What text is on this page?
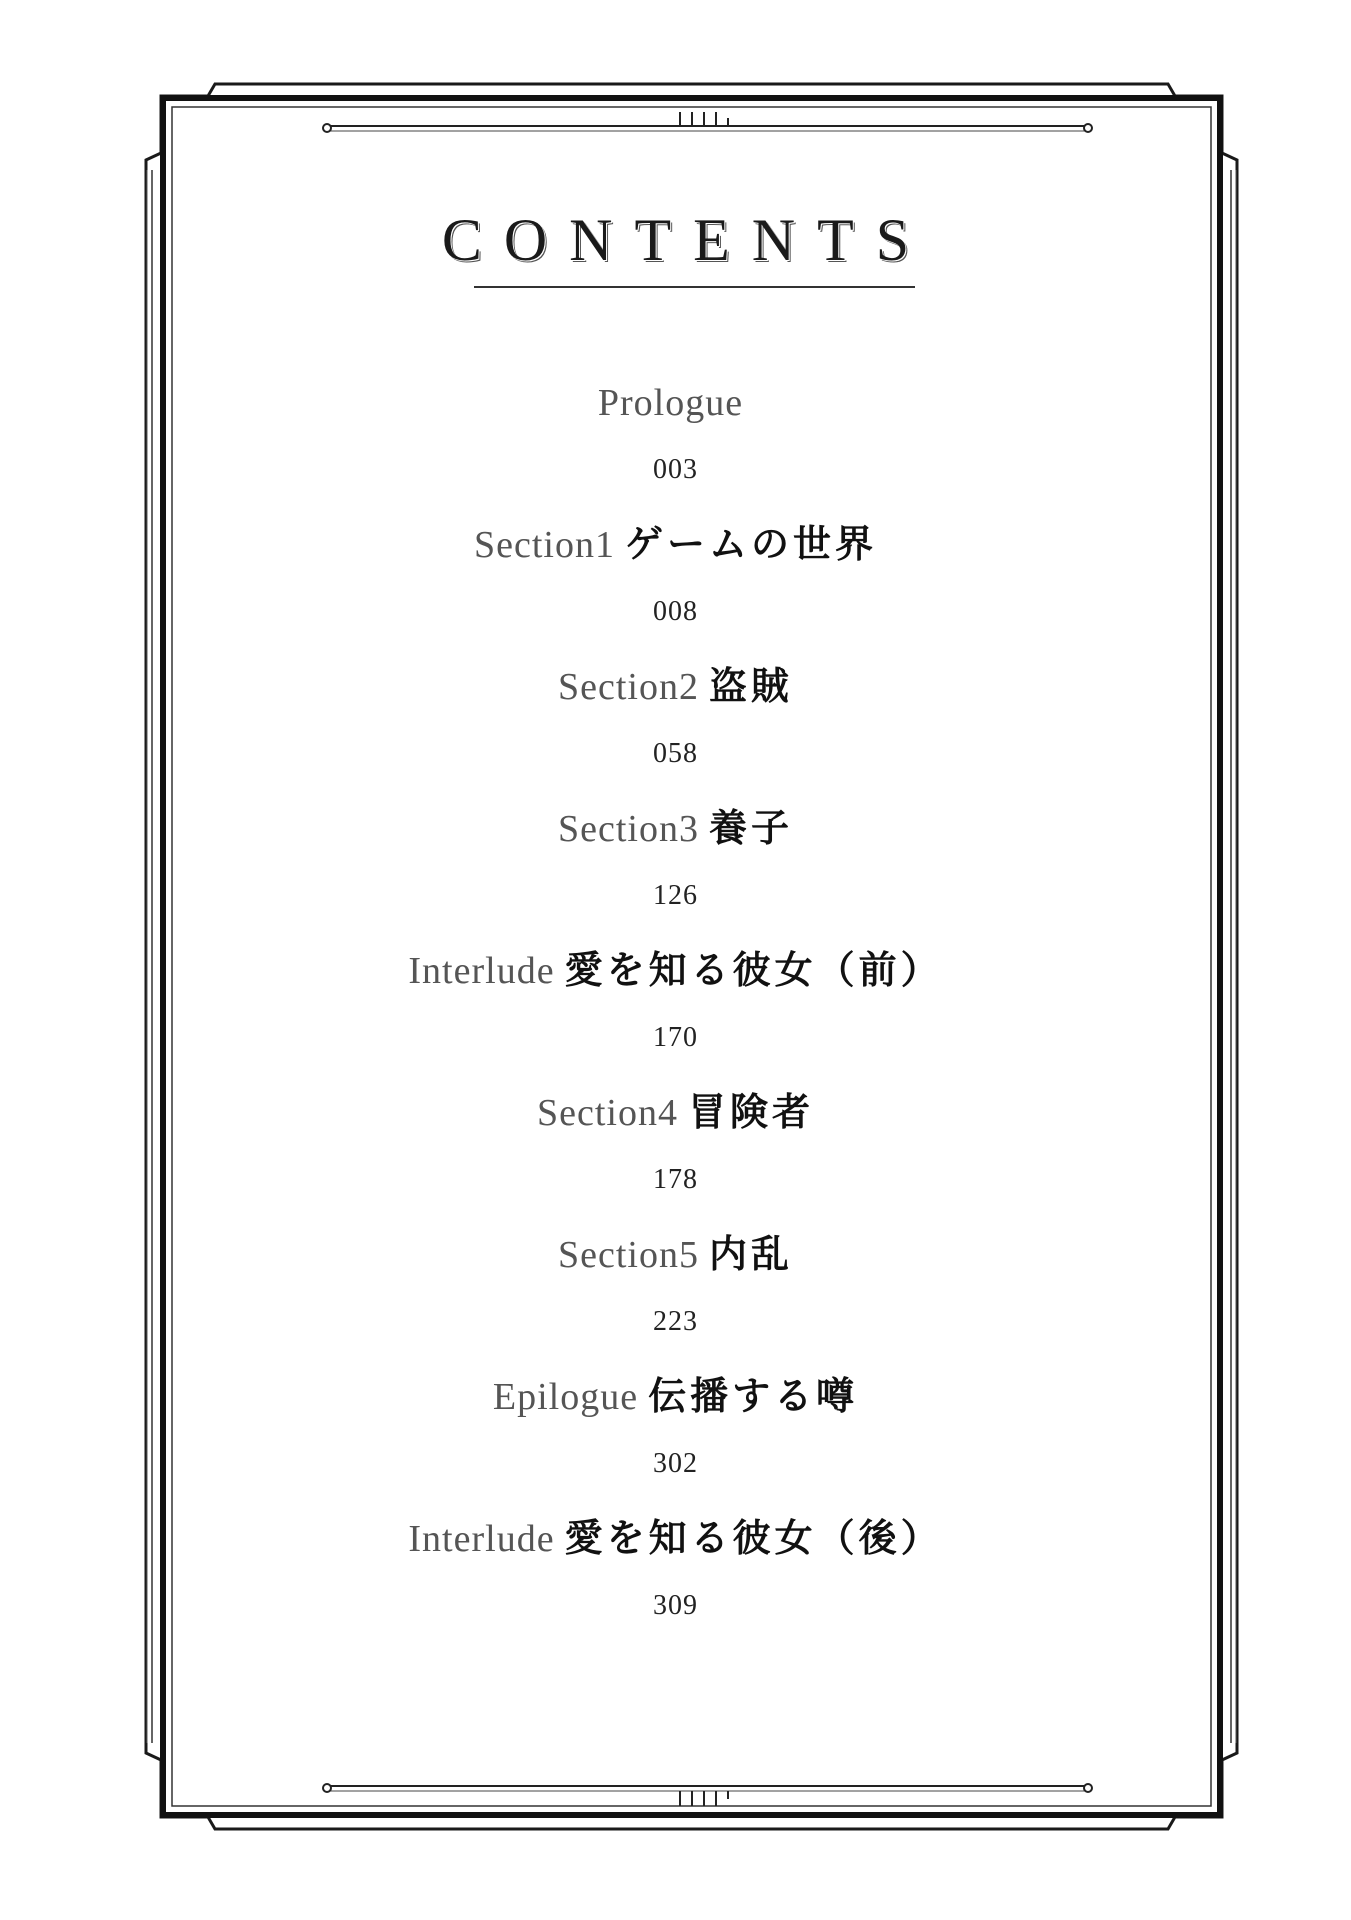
CONTENTS
Prologue
003
Section1 ゲームの世界
008
Section2 盗賊
058
Section3 養子
126
Interlude 愛を知る彼女（前）
170
Section4 冒険者
178
Section5 内乱
223
Epilogue 伝播する噂
302
Interlude 愛を知る彼女（後）
309
